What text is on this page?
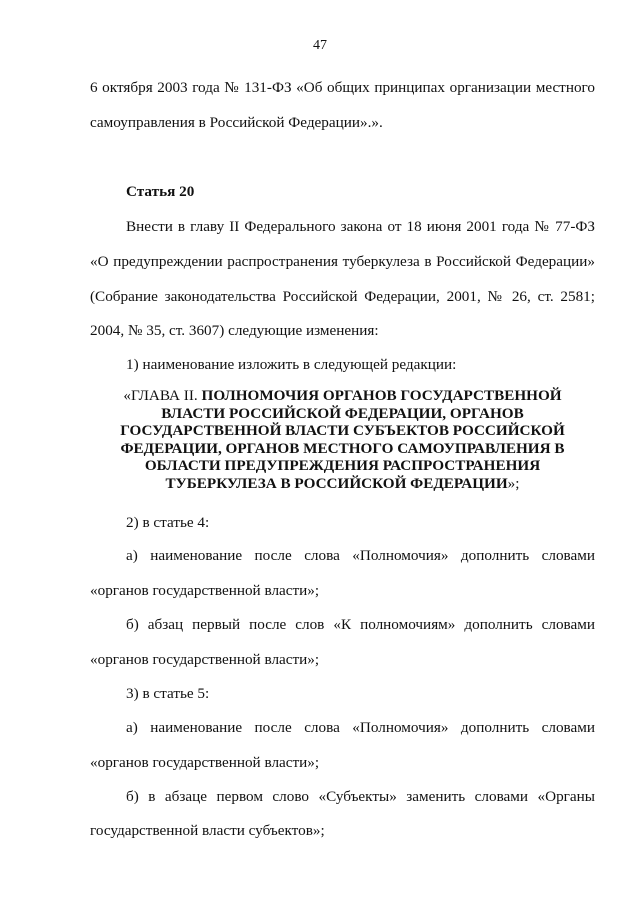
47
6 октября 2003 года № 131-ФЗ «Об общих принципах организации местного
самоуправления в Российской Федерации».».
Статья 20
Внести в главу II Федерального закона от 18 июня 2001 года № 77-ФЗ
«О предупреждении распространения туберкулеза в Российской Федерации»
(Собрание законодательства Российской Федерации, 2001, № 26, ст. 2581;
2004, № 35, ст. 3607) следующие изменения:
1) наименование изложить в следующей редакции:
«ГЛАВА II. ПОЛНОМОЧИЯ ОРГАНОВ ГОСУДАРСТВЕННОЙ
ВЛАСТИ РОССИЙСКОЙ ФЕДЕРАЦИИ, ОРГАНОВ
ГОСУДАРСТВЕННОЙ ВЛАСТИ СУБЪЕКТОВ РОССИЙСКОЙ
ФЕДЕРАЦИИ, ОРГАНОВ МЕСТНОГО САМОУПРАВЛЕНИЯ В
ОБЛАСТИ ПРЕДУПРЕЖДЕНИЯ РАСПРОСТРАНЕНИЯ
ТУБЕРКУЛЕЗА В РОССИЙСКОЙ ФЕДЕРАЦИИ»;
2) в статье 4:
а) наименование после слова «Полномочия» дополнить словами
«органов государственной власти»;
б) абзац первый после слов «К полномочиям» дополнить словами
«органов государственной власти»;
3) в статье 5:
а) наименование после слова «Полномочия» дополнить словами
«органов государственной власти»;
б) в абзаце первом слово «Субъекты» заменить словами «Органы
государственной власти субъектов»;
